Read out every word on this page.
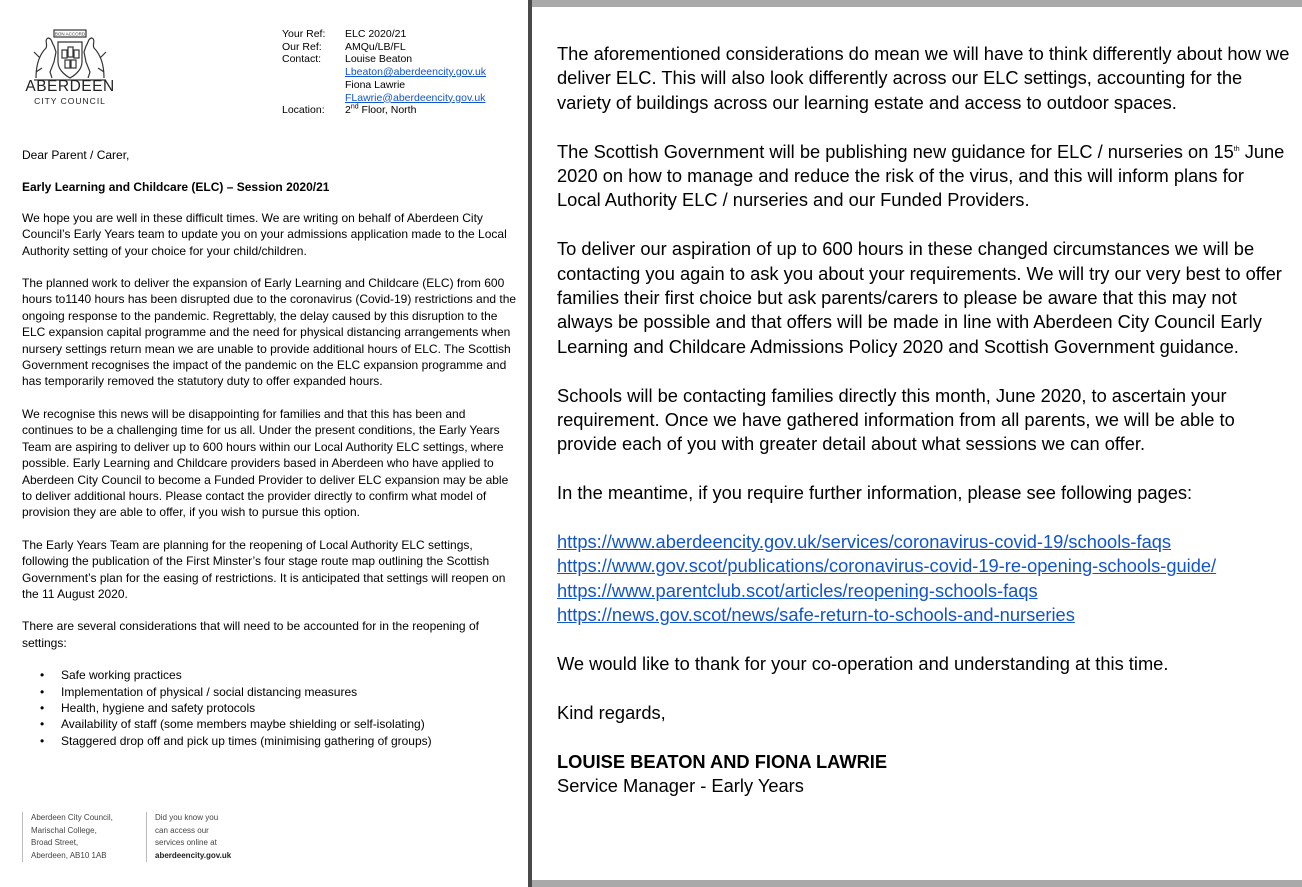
BON ACCORD
ABERDEEN
CITY COUNCIL
Your Ref:	ELC 2020/21
Our Ref:	AMQu/LB/FL
Contact:	Louise Beaton
Lbeaton@aberdeencity.gov.uk
Fiona Lawrie
FLawrie@aberdeencity.gov.uk
Location:	2nd Floor, North

Dear Parent / Carer,

Early Learning and Childcare (ELC) – Session 2020/21

We hope you are well in these difficult times. We are writing on behalf of Aberdeen City Council’s Early Years team to update you on your admissions application made to the Local Authority setting of your choice for your child/children.

The planned work to deliver the expansion of Early Learning and Childcare (ELC) from 600 hours to1140 hours has been disrupted due to the coronavirus (Covid-19) restrictions and the ongoing response to the pandemic. Regrettably, the delay caused by this disruption to the ELC expansion capital programme and the need for physical distancing arrangements when nursery settings return mean we are unable to provide additional hours of ELC. The Scottish Government recognises the impact of the pandemic on the ELC expansion programme and has temporarily removed the statutory duty to offer expanded hours.

We recognise this news will be disappointing for families and that this has been and continues to be a challenging time for us all. Under the present conditions, the Early Years Team are aspiring to deliver up to 600 hours within our Local Authority ELC settings, where possible. Early Learning and Childcare providers based in Aberdeen who have applied to Aberdeen City Council to become a Funded Provider to deliver ELC expansion may be able to deliver additional hours. Please contact the provider directly to confirm what model of provision they are able to offer, if you wish to pursue this option.

The Early Years Team are planning for the reopening of Local Authority ELC settings, following the publication of the First Minster’s four stage route map outlining the Scottish Government’s plan for the easing of restrictions. It is anticipated that settings will reopen on the 11 August 2020.

There are several considerations that will need to be accounted for in the reopening of settings:

• Safe working practices
• Implementation of physical / social distancing measures
• Health, hygiene and safety protocols
• Availability of staff (some members maybe shielding or self-isolating)
• Staggered drop off and pick up times (minimising gathering of groups)
Aberdeen City Council,
Marischal College,
Broad Street,
Aberdeen, AB10 1AB
Did you know you
can access our
services online at
aberdeencity.gov.uk

The aforementioned considerations do mean we will have to think differently about how we deliver ELC. This will also look differently across our ELC settings, accounting for the variety of buildings across our learning estate and access to outdoor spaces.

The Scottish Government will be publishing new guidance for ELC / nurseries on 15th June 2020 on how to manage and reduce the risk of the virus, and this will inform plans for Local Authority ELC / nurseries and our Funded Providers.

To deliver our aspiration of up to 600 hours in these changed circumstances we will be contacting you again to ask you about your requirements. We will try our very best to offer families their first choice but ask parents/carers to please be aware that this may not always be possible and that offers will be made in line with Aberdeen City Council Early Learning and Childcare Admissions Policy 2020 and Scottish Government guidance.

Schools will be contacting families directly this month, June 2020, to ascertain your requirement. Once we have gathered information from all parents, we will be able to provide each of you with greater detail about what sessions we can offer.

In the meantime, if you require further information, please see following pages:

https://www.aberdeencity.gov.uk/services/coronavirus-covid-19/schools-faqs
https://www.gov.scot/publications/coronavirus-covid-19-re-opening-schools-guide/
https://www.parentclub.scot/articles/reopening-schools-faqs
https://news.gov.scot/news/safe-return-to-schools-and-nurseries

We would like to thank for your co-operation and understanding at this time.

Kind regards,

LOUISE BEATON AND FIONA LAWRIE
Service Manager - Early Years
